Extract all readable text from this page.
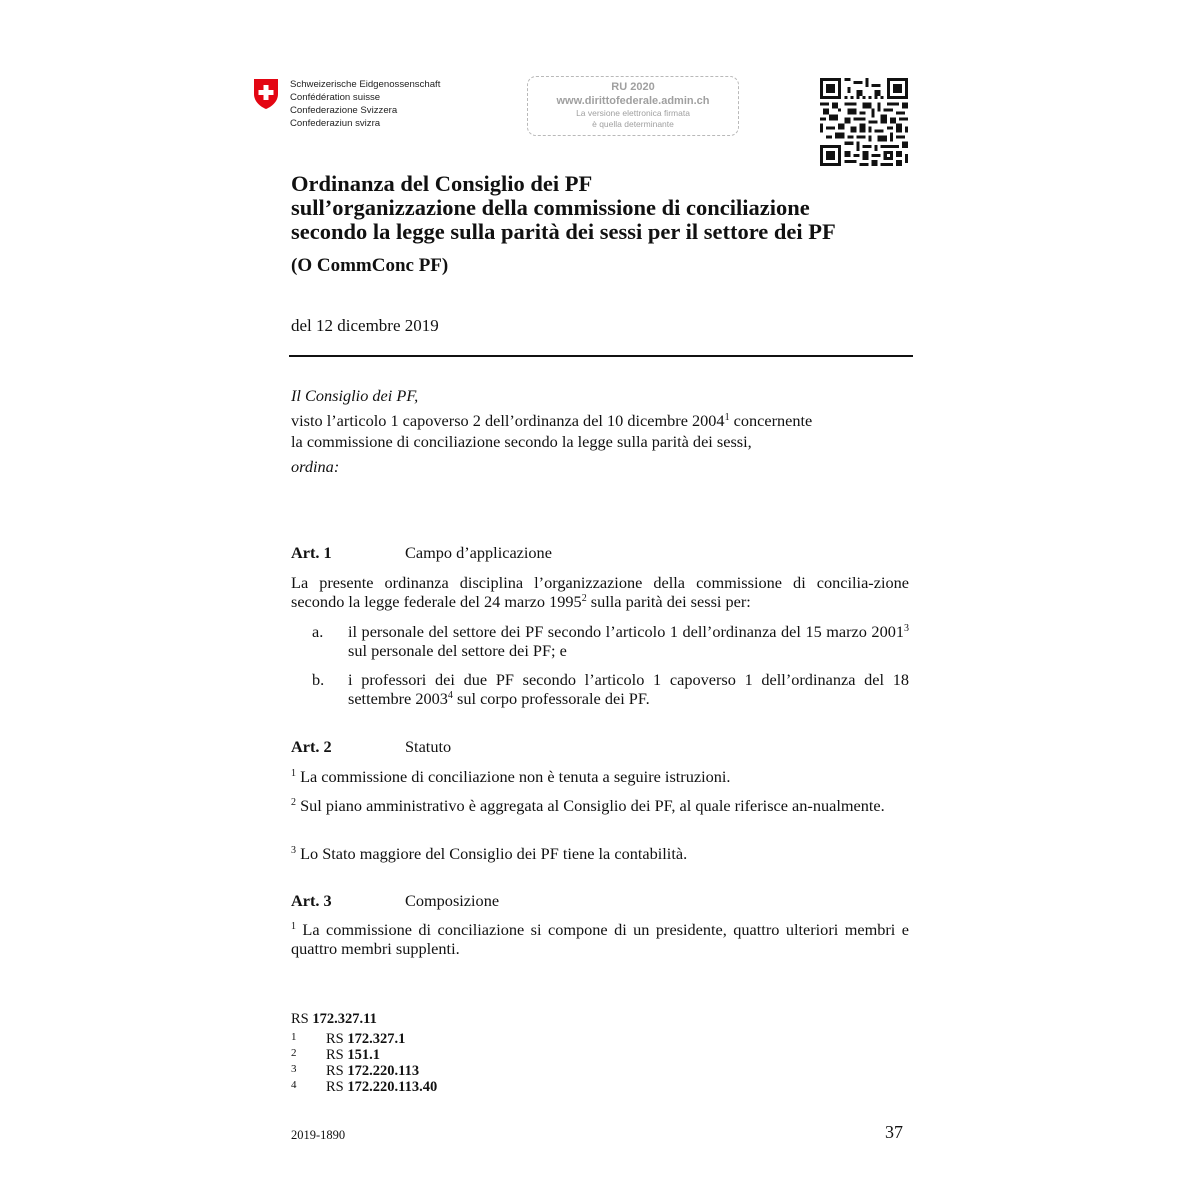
Schweizerische Eidgenossenschaft
Confédération suisse
Confederazione Svizzera
Confederaziun svizra
RU 2020
www.dirittofederale.admin.ch
La versione elettronica firmata
è quella determinante
Ordinanza del Consiglio dei PF
sull’organizzazione della commissione di conciliazione
secondo la legge sulla parità dei sessi per il settore dei PF
(O CommConc PF)
del 12 dicembre 2019
Il Consiglio dei PF,
visto l’articolo 1 capoverso 2 dell’ordinanza del 10 dicembre 2004$^1$ concernente
la commissione di conciliazione secondo la legge sulla parità dei sessi,
ordina:
Art. 1	Campo d’applicazione
La presente ordinanza disciplina l’organizzazione della commissione di concilia-zione secondo la legge federale del 24 marzo 1995$^2$ sulla parità dei sessi per:
a. il personale del settore dei PF secondo l’articolo 1 dell’ordinanza del 15 marzo 2001$^3$ sul personale del settore dei PF; e
b. i professori dei due PF secondo l’articolo 1 capoverso 1 dell’ordinanza del 18 settembre 2003$^4$ sul corpo professorale dei PF.
Art. 2	Statuto
$^1$ La commissione di conciliazione non è tenuta a seguire istruzioni.
$^2$ Sul piano amministrativo è aggregata al Consiglio dei PF, al quale riferisce an-nualmente.
$^3$ Lo Stato maggiore del Consiglio dei PF tiene la contabilità.
Art. 3	Composizione
$^1$ La commissione di conciliazione si compone di un presidente, quattro ulteriori membri e quattro membri supplenti.
RS 172.327.11
1 RS 172.327.1
2 RS 151.1
3 RS 172.220.113
4 RS 172.220.113.40
2019-1890	37
